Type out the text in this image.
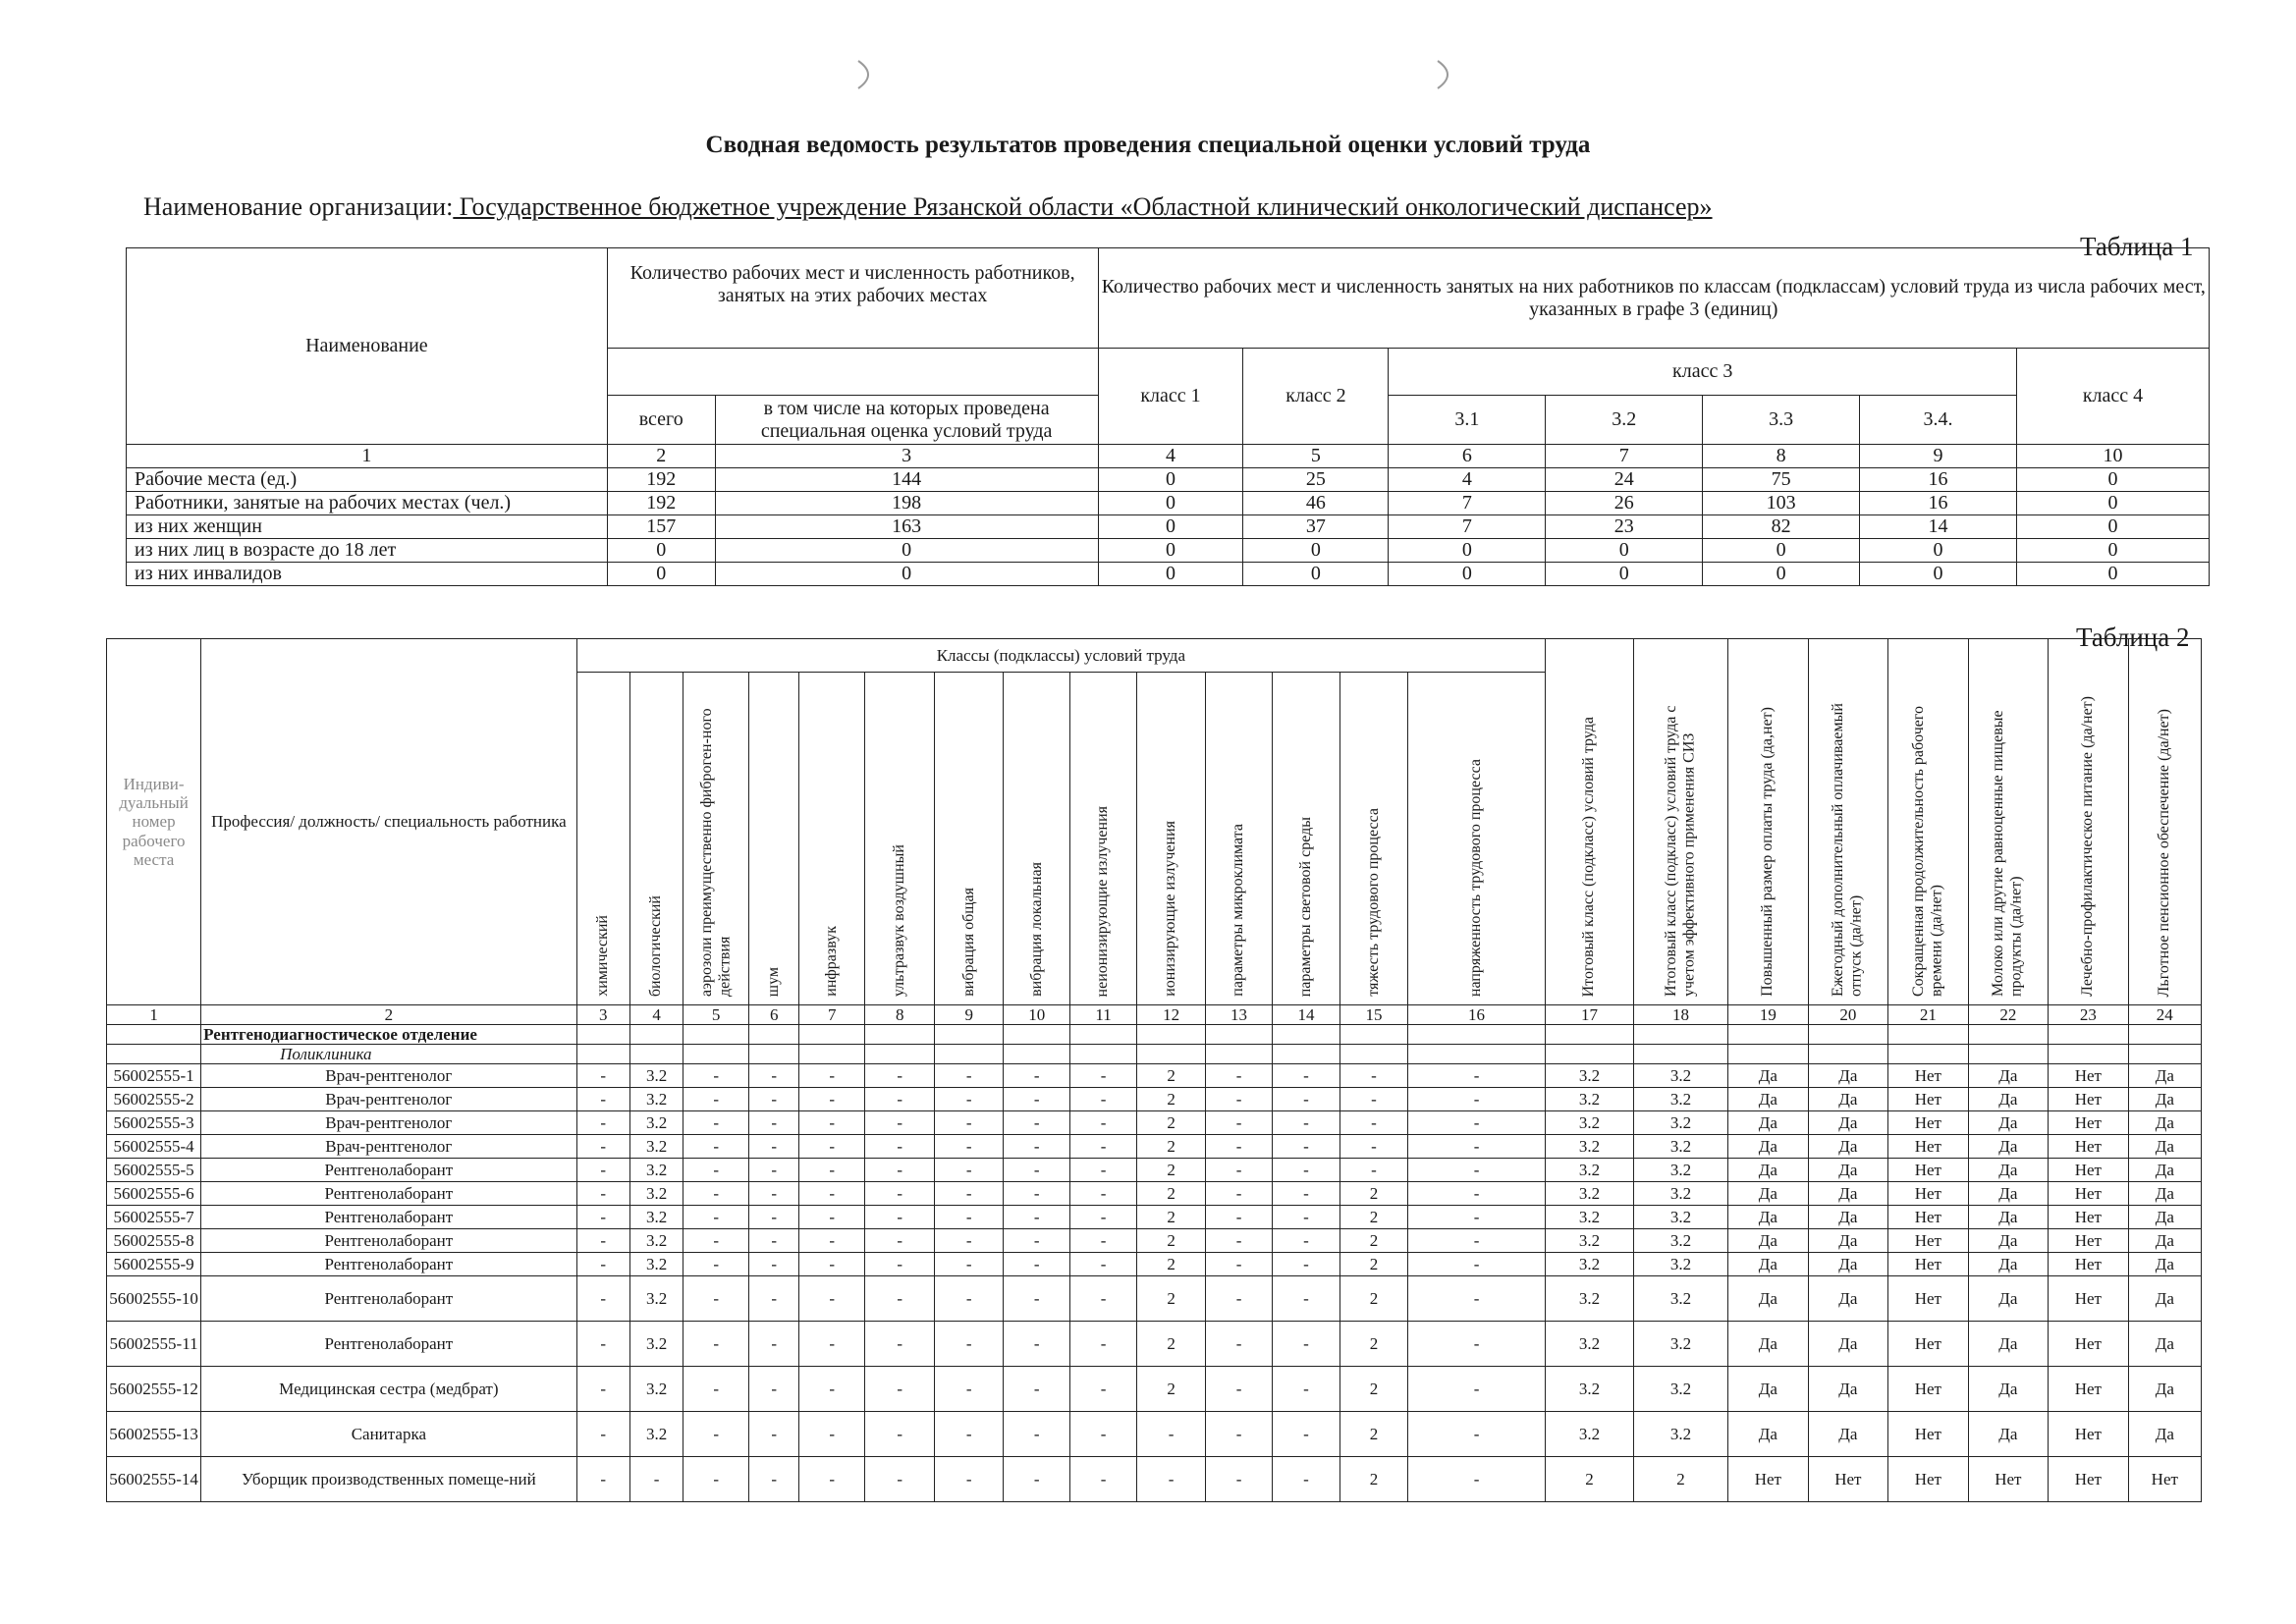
Сводная ведомость результатов проведения специальной оценки условий труда
Наименование организации: Государственное бюджетное учреждение Рязанской области «Областной клинический онкологический диспансер»
Таблица 1
Наименование	Количество рабочих мест и численность работников, занятых на этих рабочих местах		Количество рабочих мест и численность занятых на них работников по классам (подклассам) условий труда из числа рабочих мест, указанных в графе 3 (единиц)						
			класс 1	класс 2	класс 3				класс 4
	всего	в том числе на которых проведена специальная оценка условий труда			3.1	3.2	3.3	3.4.	
1	2	3	4	5	6	7	8	9	10
Рабочие места (ед.)	192	144	0	25	4	24	75	16	0
Работники, занятые на рабочих местах (чел.)	192	198	0	46	7	26	103	16	0
из них женщин	157	163	0	37	7	23	82	14	0
из них лиц в возрасте до 18 лет	0	0	0	0	0	0	0	0	0
из них инвалидов	0	0	0	0	0	0	0	0	0
Таблица 2
Индиви-дуальный номер рабочего места	Профессия/ должность/ специальность работника	Классы (подклассы) условий труда														Итоговый класс (подкласс) условий труда	Итоговый класс (подкласс) условий труда с учетом эффективного применения СИЗ	Повышенный размер оплаты труда (да,нет)	Ежегодный дополнительный оплачиваемый отпуск (да/нет)	Сокращенная продолжительность рабочего времени (да/нет)	Молоко или другие равноценные пищевые продукты (да/нет)	Лечебно-профилактическое питание (да/нет)	Льготное пенсионное обеспечение (да/нет)
		химический	биологический	аэрозоли преимущественно фиброген-ного действия	шум	инфразвук	ультразвук воздушный	вибрация общая	вибрация локальная	неионизирующие излучения	ионизирующие излучения	параметры микроклимата	параметры световой среды	тяжесть трудового процесса	напряженность трудового процесса								
1	2	3	4	5	6	7	8	9	10	11	12	13	14	15	16	17	18	19	20	21	22	23	24
	Рентгенодиагностическое отделение																						
	Поликлиника																						
56002555-1	Врач-рентгенолог	-	3.2	-	-	-	-	-	-	-	2	-	-	-	-	3.2	3.2	Да	Да	Нет	Да	Нет	Да
56002555-2	Врач-рентгенолог	-	3.2	-	-	-	-	-	-	-	2	-	-	-	-	3.2	3.2	Да	Да	Нет	Да	Нет	Да
56002555-3	Врач-рентгенолог	-	3.2	-	-	-	-	-	-	-	2	-	-	-	-	3.2	3.2	Да	Да	Нет	Да	Нет	Да
56002555-4	Врач-рентгенолог	-	3.2	-	-	-	-	-	-	-	2	-	-	-	-	3.2	3.2	Да	Да	Нет	Да	Нет	Да
56002555-5	Рентгенолаборант	-	3.2	-	-	-	-	-	-	-	2	-	-	-	-	3.2	3.2	Да	Да	Нет	Да	Нет	Да
56002555-6	Рентгенолаборант	-	3.2	-	-	-	-	-	-	-	2	-	-	2	-	3.2	3.2	Да	Да	Нет	Да	Нет	Да
56002555-7	Рентгенолаборант	-	3.2	-	-	-	-	-	-	-	2	-	-	2	-	3.2	3.2	Да	Да	Нет	Да	Нет	Да
56002555-8	Рентгенолаборант	-	3.2	-	-	-	-	-	-	-	2	-	-	2	-	3.2	3.2	Да	Да	Нет	Да	Нет	Да
56002555-9	Рентгенолаборант	-	3.2	-	-	-	-	-	-	-	2	-	-	2	-	3.2	3.2	Да	Да	Нет	Да	Нет	Да
56002555-10	Рентгенолаборант	-	3.2	-	-	-	-	-	-	-	2	-	-	2	-	3.2	3.2	Да	Да	Нет	Да	Нет	Да
56002555-11	Рентгенолаборант	-	3.2	-	-	-	-	-	-	-	2	-	-	2	-	3.2	3.2	Да	Да	Нет	Да	Нет	Да
56002555-12	Медицинская сестра (медбрат)	-	3.2	-	-	-	-	-	-	-	2	-	-	2	-	3.2	3.2	Да	Да	Нет	Да	Нет	Да
56002555-13	Санитарка	-	3.2	-	-	-	-	-	-	-	-	-	-	2	-	3.2	3.2	Да	Да	Нет	Да	Нет	Да
56002555-14	Уборщик производственных помеще-ний	-	-	-	-	-	-	-	-	-	-	-	-	2	-	2	2	Нет	Нет	Нет	Нет	Нет	Нет
